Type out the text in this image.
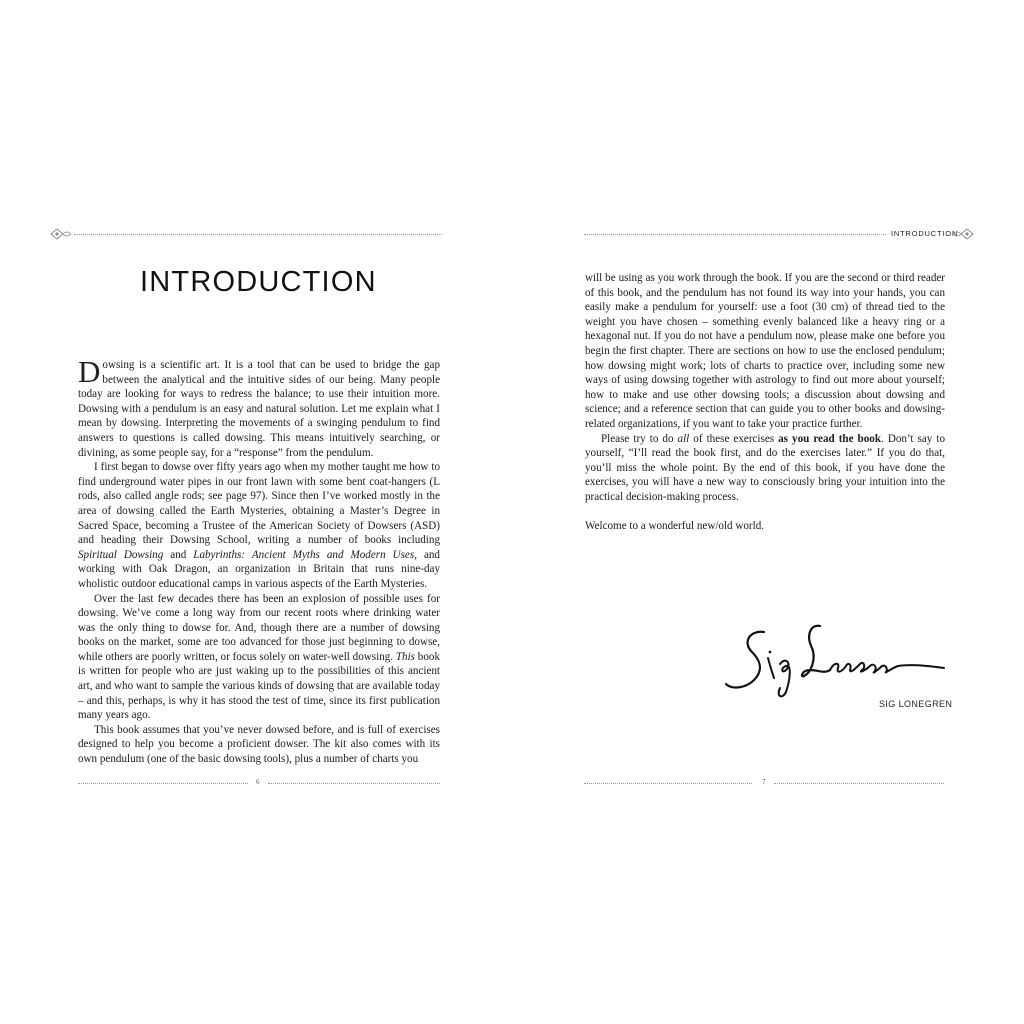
INTRODUCTION

Dowsing is a scientific art. It is a tool that can be used to bridge the gap between the analytical and the intuitive sides of our being. Many people today are looking for ways to redress the balance; to use their intuition more. Dowsing with a pendulum is an easy and natural solution. Let me explain what I mean by dowsing. Interpreting the movements of a swinging pendulum to find answers to questions is called dowsing. This means intuitively searching, or divining, as some people say, for a “response” from the pendulum.

I first began to dowse over fifty years ago when my mother taught me how to find underground water pipes in our front lawn with some bent coat-hangers (L rods, also called angle rods; see page 97). Since then I’ve worked mostly in the area of dowsing called the Earth Mysteries, obtaining a Master’s Degree in Sacred Space, becoming a Trustee of the American Society of Dowsers (ASD) and heading their Dowsing School, writing a number of books including Spiritual Dowsing and Labyrinths: Ancient Myths and Modern Uses, and working with Oak Dragon, an organization in Britain that runs nine-day wholistic outdoor educational camps in various aspects of the Earth Mysteries.

Over the last few decades there has been an explosion of possible uses for dowsing. We’ve come a long way from our recent roots where drinking water was the only thing to dowse for. And, though there are a number of dowsing books on the market, some are too advanced for those just beginning to dowse, while others are poorly written, or focus solely on water-well dowsing. This book is written for people who are just waking up to the possibilities of this ancient art, and who want to sample the various kinds of dowsing that are available today – and this, perhaps, is why it has stood the test of time, since its first publication many years ago.

This book assumes that you’ve never dowsed before, and is full of exercises designed to help you become a proficient dowser. The kit also comes with its own pendulum (one of the basic dowsing tools), plus a number of charts you

6
INTRODUCTION

will be using as you work through the book. If you are the second or third reader of this book, and the pendulum has not found its way into your hands, you can easily make a pendulum for yourself: use a foot (30 cm) of thread tied to the weight you have chosen – something evenly balanced like a heavy ring or a hexagonal nut. If you do not have a pendulum now, please make one before you begin the first chapter. There are sections on how to use the enclosed pendulum; how dowsing might work; lots of charts to practice over, including some new ways of using dowsing together with astrology to find out more about yourself; how to make and use other dowsing tools; a discussion about dowsing and science; and a reference section that can guide you to other books and dowsing-related organizations, if you want to take your practice further.

Please try to do all of these exercises as you read the book. Don’t say to yourself, “I’ll read the book first, and do the exercises later.” If you do that, you’ll miss the whole point. By the end of this book, if you have done the exercises, you will have a new way to consciously bring your intuition into the practical decision-making process.

Welcome to a wonderful new/old world.

SIG LONEGREN
7
